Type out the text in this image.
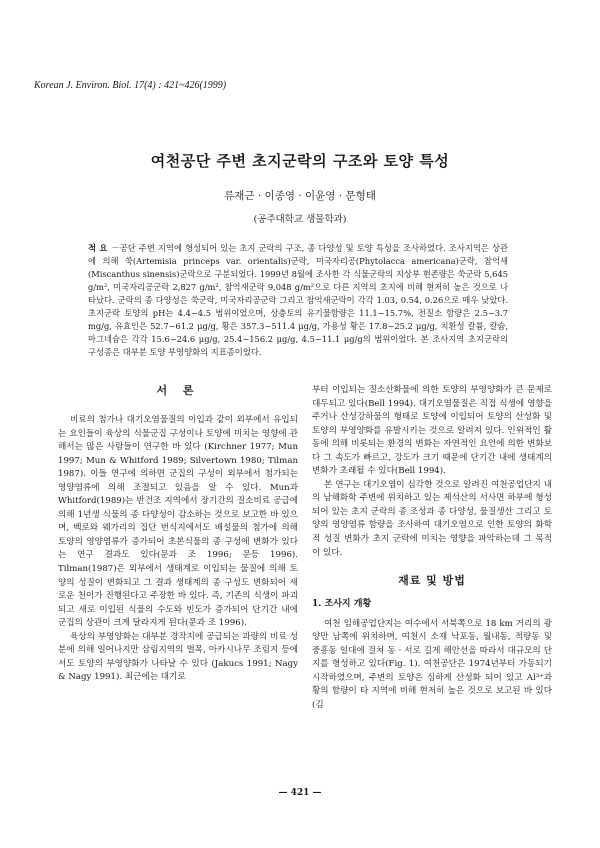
Korean J. Environ. Biol. 17(4) : 421~426(1999)
여천공단 주변 초지군락의 구조와 토양 특성
류재근 · 이종영 · 이윤영 · 문형태
(공주대학교 생물학과)
적 요 －공단 주변 지역에 형성되어 있는 초지 군락의 구조, 종 다양성 및 토양 특성을 조사하였다. 조사지역은 상관에 의해 쑥(Artemisia princeps var. orientalis)군락, 미국자리공(Phytolacca americana)군락, 참억새(Miscanthus sinensis)군락으로 구분되었다. 1999년 8월에 조사한 각 식물군락의 지상부 현존량은 쑥군락 5,645 g/m², 미국자리공군락 2,827 g/m², 참억새군락 9,048 g/m²으로 다른 지역의 초지에 비해 현저히 높은 것으로 나타났다. 군락의 종 다양성은 쑥군락, 미국자리공군락 그리고 참억새군락이 각각 1.03, 0.54, 0.26으로 매우 낮았다. 초지군락 토양의 pH는 4.4~4.5 범위이었으며, 상층토의 유기물함량은 11.1~15.7%, 전질소 함량은 2.5~3.7 mg/g, 유효인은 52.7~61.2 μg/g, 황은 357.3~511.4 μg/g, 가용성 황은 17.8~25.2 μg/g, 치환성 칼륨, 칼슘, 마그네슘은 각각 15.6~24.6 μg/g, 25.4~156.2 μg/g, 4.5~11.1 μg/g의 범위이었다. 본 조사지역 초지군락의 구성종은 대부분 토양 부영양화의 지표종이었다.
서 론

비료의 첨가나 대기오염물질의 이입과 같이 외부에서 유입되는 요인들이 육상의 식물군집 구성이나 토양에 미치는 영향에 관해서는 많은 사람들이 연구한 바 있다 (Kirchner 1977; Mun 1997; Mun & Whitford 1989; Silvertown 1980; Tilman 1987). 이들 연구에 의하면 군집의 구성이 외부에서 첨가되는 영양염류에 의해 조절되고 있음을 알 수 있다. Mun과 Whitford(1989)는 반건조 지역에서 장기간의 질소비료 공급에 의해 1년생 식물의 종 다양성이 감소하는 것으로 보고한 바 있으며, 벡로와 웨가리의 집단 번식지에서도 배설물의 첨가에 의해 토양의 영양염류가 증가되어 초본식물의 종 구성에 변화가 있다는 연구 결과도 있다(문과 조 1996; 문등 1996). Tilman(1987)은 외부에서 생태계로 이입되는 물질에 의해 토양의 성질이 변화되고 그 결과 생태계의 종 구성도 변화되어 새로운 천이가 진행된다고 주장한 바 있다. 즉, 기존의 식생이 파괴되고 새로 이입된 식물의 수도와 빈도가 증가되어 단기간 내에 군집의 상관이 크게 달라지게 된다(문과 조 1996).

육상의 부영양화는 대부분 경작지에 공급되는 과량의 비료 성분에 의해 일어나지만 삼림지역의 벌목, 아카시나무 조림지 등에서도 토양의 부영양화가 나타날 수 있다 (Jakucs 1991; Nagy & Nagy 1991). 최근에는 대기로

부터 이입되는 질소산화물에 의한 토양의 부영양화가 큰 문제로 대두되고 있다(Bell 1994). 대기오염물질은 직접 식생에 영향을 주거나 산성강하물의 형태로 토양에 이입되어 토양의 산성화 및 토양의 부영양화를 유발시키는 것으로 알려져 있다. 인위적인 활동에 의해 비롯되는 환경의 변화는 자연적인 요인에 의한 변화보다 그 속도가 빠르고, 강도가 크기 때문에 단기간 내에 생태계의 변화가 초래될 수 있다(Bell 1994).

본 연구는 대기오염이 심각한 것으로 알려진 여천공업단지 내의 남해화학 주변에 위치하고 있는 제석산의 서사면 하부에 형성되어 있는 초지 군락의 종 조성과 종 다양성, 물질생산 그리고 토양의 영양염류 함량을 조사하여 대기오염으로 인한 토양의 화학적 성질 변화가 초지 군락에 미치는 영향을 파악하는데 그 목적이 있다.

재료 및 방법
1. 조사지 개황

여천 임해공업단지는 여수에서 서북쪽으로 18 km 거리의 광양만 남쪽에 위치하며, 여천시 소재 낙포동, 월내동, 적량동 및 중흥동 일대에 걸쳐 동 · 서로 길게 해안선을 따라서 대규모의 단지를 형성하고 있다(Fig. 1). 여천공단은 1974년부터 가동되기 시작하였으며, 주변의 토양은 심하게 산성화 되어 있고 Al³⁺과 황의 함량이 타 지역에 비해 현저히 높은 것으로 보고된 바 있다(김

— 421 —
